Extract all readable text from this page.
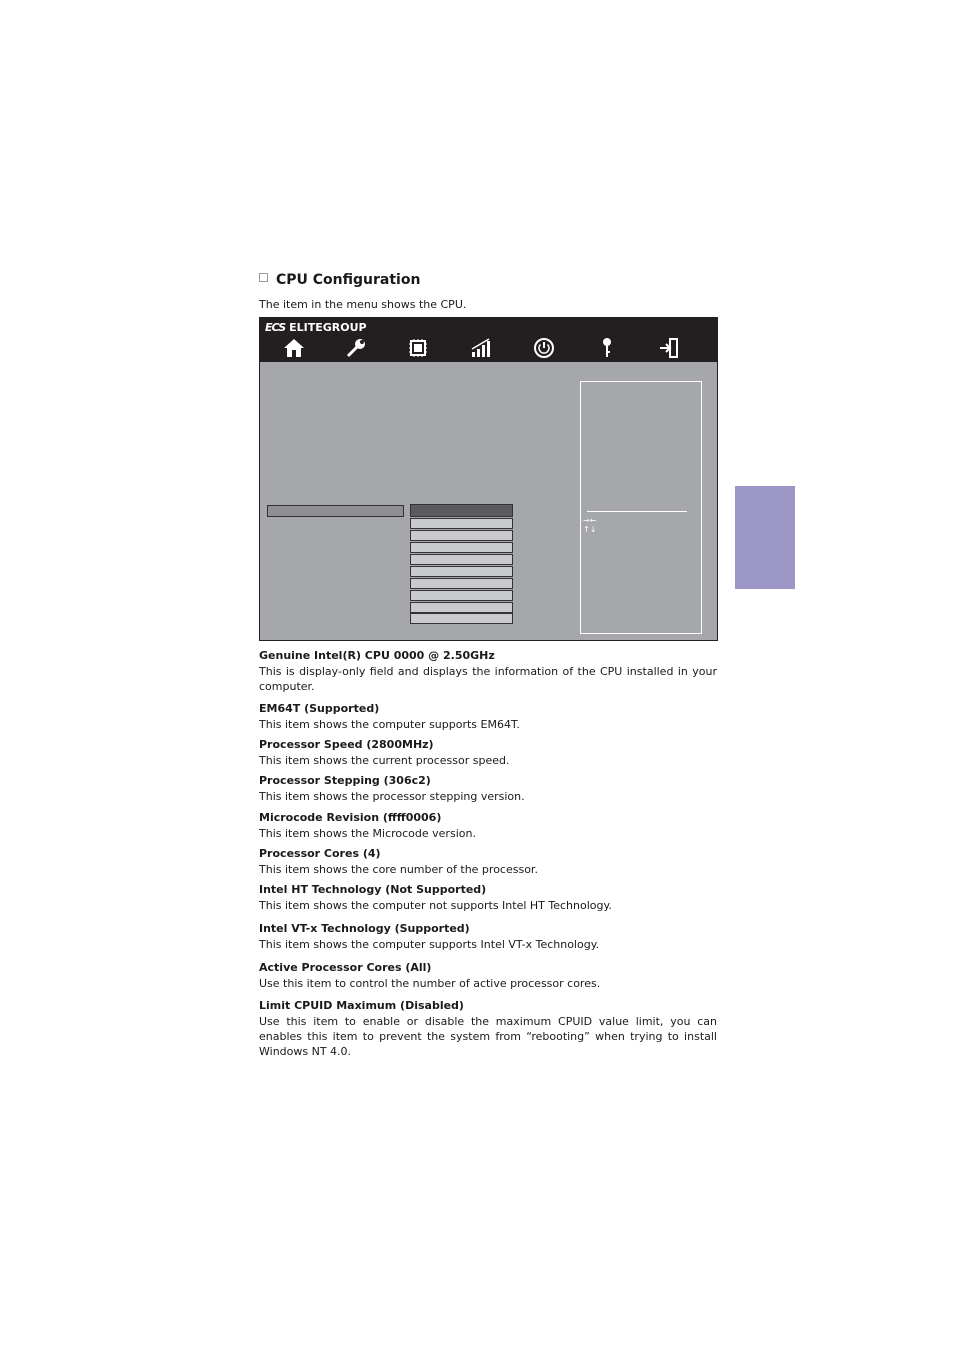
CPU Configuration
The item in the menu shows the CPU.
ECS ELITEGROUP
→←
↑↓
Genuine Intel(R) CPU 0000 @ 2.50GHz

This is display-only field and displays the information of the CPU installed in your computer.

EM64T (Supported)

This item shows the computer supports EM64T.

Processor Speed (2800MHz)

This item shows the current processor speed.

Processor Stepping (306c2)

This item shows the processor stepping version.

Microcode Revision (ffff0006)

This item shows the Microcode version.

Processor Cores (4)

This item shows the core number of the processor.

Intel HT Technology (Not Supported)

This item shows the computer not supports Intel HT Technology.

Intel VT-x Technology (Supported)

This item shows the computer supports Intel VT-x Technology.

Active Processor Cores (All)

Use this item to control the number of active processor cores.

Limit CPUID Maximum (Disabled)

Use this item to enable or disable the maximum CPUID value limit, you can enables this item to prevent the system from “rebooting” when trying to install Windows NT 4.0.
